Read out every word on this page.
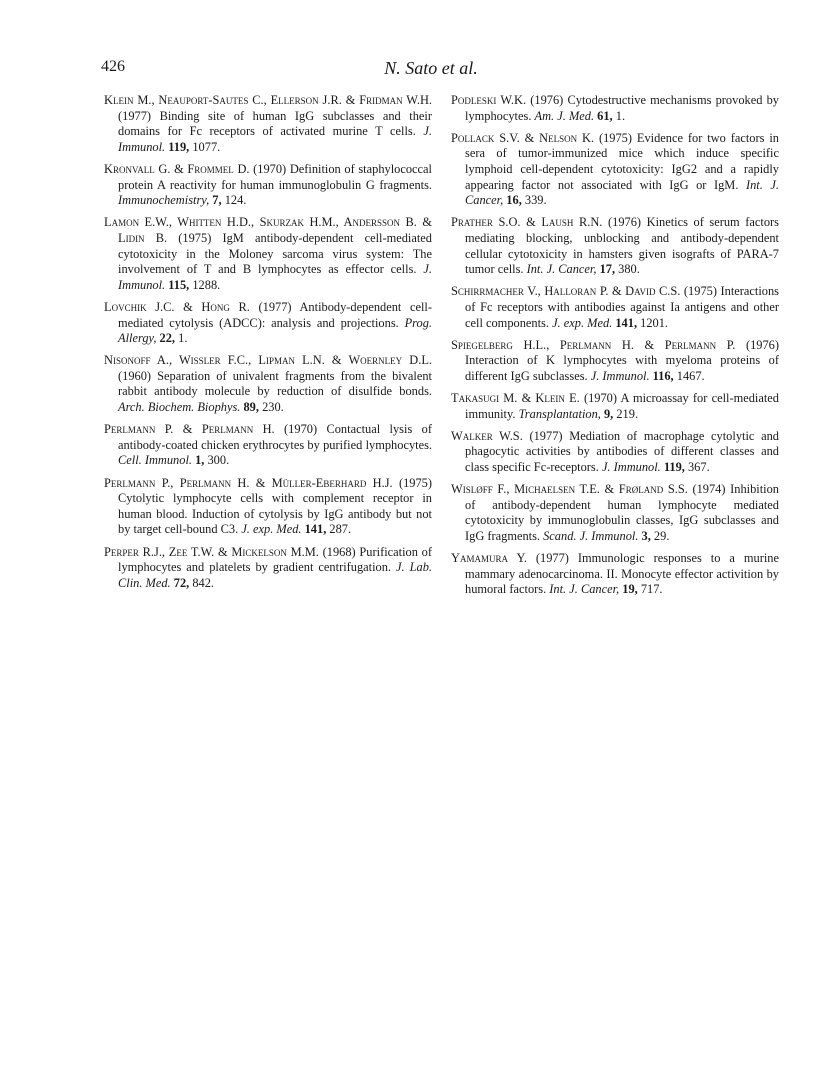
426	N. Sato et al.

Klein M., Neauport-Sautes C., Ellerson J.R. & Fridman W.H. (1977) Binding site of human IgG subclasses and their domains for Fc receptors of activated murine T cells. J. Immunol. 119, 1077.

Kronvall G. & Frommel D. (1970) Definition of staphylococcal protein A reactivity for human immunoglobulin G fragments. Immunochemistry, 7, 124.

Lamon E.W., Whitten H.D., Skurzak H.M., Andersson B. & Lidin B. (1975) IgM antibody-dependent cell-mediated cytotoxicity in the Moloney sarcoma virus system: The involvement of T and B lymphocytes as effector cells. J. Immunol. 115, 1288.

Lovchik J.C. & Hong R. (1977) Antibody-dependent cell-mediated cytolysis (ADCC): analysis and projections. Prog. Allergy, 22, 1.

Nisonoff A., Wissler F.C., Lipman L.N. & Woernley D.L. (1960) Separation of univalent fragments from the bivalent rabbit antibody molecule by reduction of disulfide bonds. Arch. Biochem. Biophys. 89, 230.

Perlmann P. & Perlmann H. (1970) Contactual lysis of antibody-coated chicken erythrocytes by purified lymphocytes. Cell. Immunol. 1, 300.

Perlmann P., Perlmann H. & Müller-Eberhard H.J. (1975) Cytolytic lymphocyte cells with complement receptor in human blood. Induction of cytolysis by IgG antibody but not by target cell-bound C3. J. exp. Med. 141, 287.

Perper R.J., Zee T.W. & Mickelson M.M. (1968) Purification of lymphocytes and platelets by gradient centrifugation. J. Lab. Clin. Med. 72, 842.

Podleski W.K. (1976) Cytodestructive mechanisms provoked by lymphocytes. Am. J. Med. 61, 1.

Pollack S.V. & Nelson K. (1975) Evidence for two factors in sera of tumor-immunized mice which induce specific lymphoid cell-dependent cytotoxicity: IgG2 and a rapidly appearing factor not associated with IgG or IgM. Int. J. Cancer, 16, 339.

Prather S.O. & Laush R.N. (1976) Kinetics of serum factors mediating blocking, unblocking and antibody-dependent cellular cytotoxicity in hamsters given isografts of PARA-7 tumor cells. Int. J. Cancer, 17, 380.

Schirrmacher V., Halloran P. & David C.S. (1975) Interactions of Fc receptors with antibodies against Ia antigens and other cell components. J. exp. Med. 141, 1201.

Spiegelberg H.L., Perlmann H. & Perlmann P. (1976) Interaction of K lymphocytes with myeloma proteins of different IgG subclasses. J. Immunol. 116, 1467.

Takasugi M. & Klein E. (1970) A microassay for cell-mediated immunity. Transplantation, 9, 219.

Walker W.S. (1977) Mediation of macrophage cytolytic and phagocytic activities by antibodies of different classes and class specific Fc-receptors. J. Immunol. 119, 367.

Wisløff F., Michaelsen T.E. & Frøland S.S. (1974) Inhibition of antibody-dependent human lymphocyte mediated cytotoxicity by immunoglobulin classes, IgG subclasses and IgG fragments. Scand. J. Immunol. 3, 29.

Yamamura Y. (1977) Immunologic responses to a murine mammary adenocarcinoma. II. Monocyte effector activition by humoral factors. Int. J. Cancer, 19, 717.
